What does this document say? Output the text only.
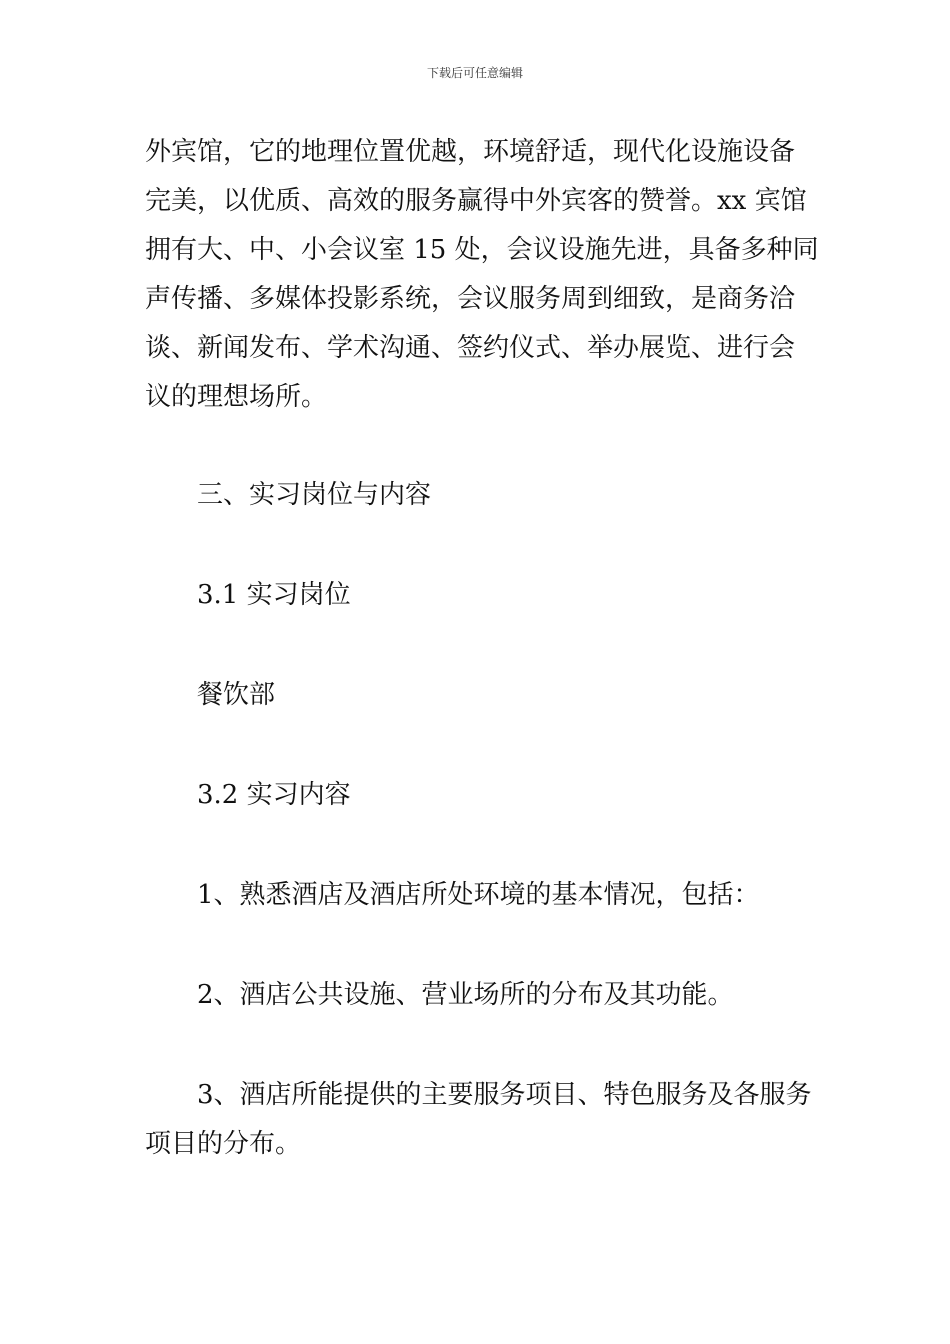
下载后可任意编辑
外宾馆，它的地理位置优越，环境舒适，现代化设施设备
完美，以优质、高效的服务赢得中外宾客的赞誉。xx 宾馆
拥有大、中、小会议室 15 处，会议设施先进，具备多种同
声传播、多媒体投影系统，会议服务周到细致，是商务洽
谈、新闻发布、学术沟通、签约仪式、举办展览、进行会
议的理想场所。
三、实习岗位与内容
3.1 实习岗位
餐饮部
3.2 实习内容
1、熟悉酒店及酒店所处环境的基本情况，包括：
2、酒店公共设施、营业场所的分布及其功能。
3、酒店所能提供的主要服务项目、特色服务及各服务
项目的分布。
